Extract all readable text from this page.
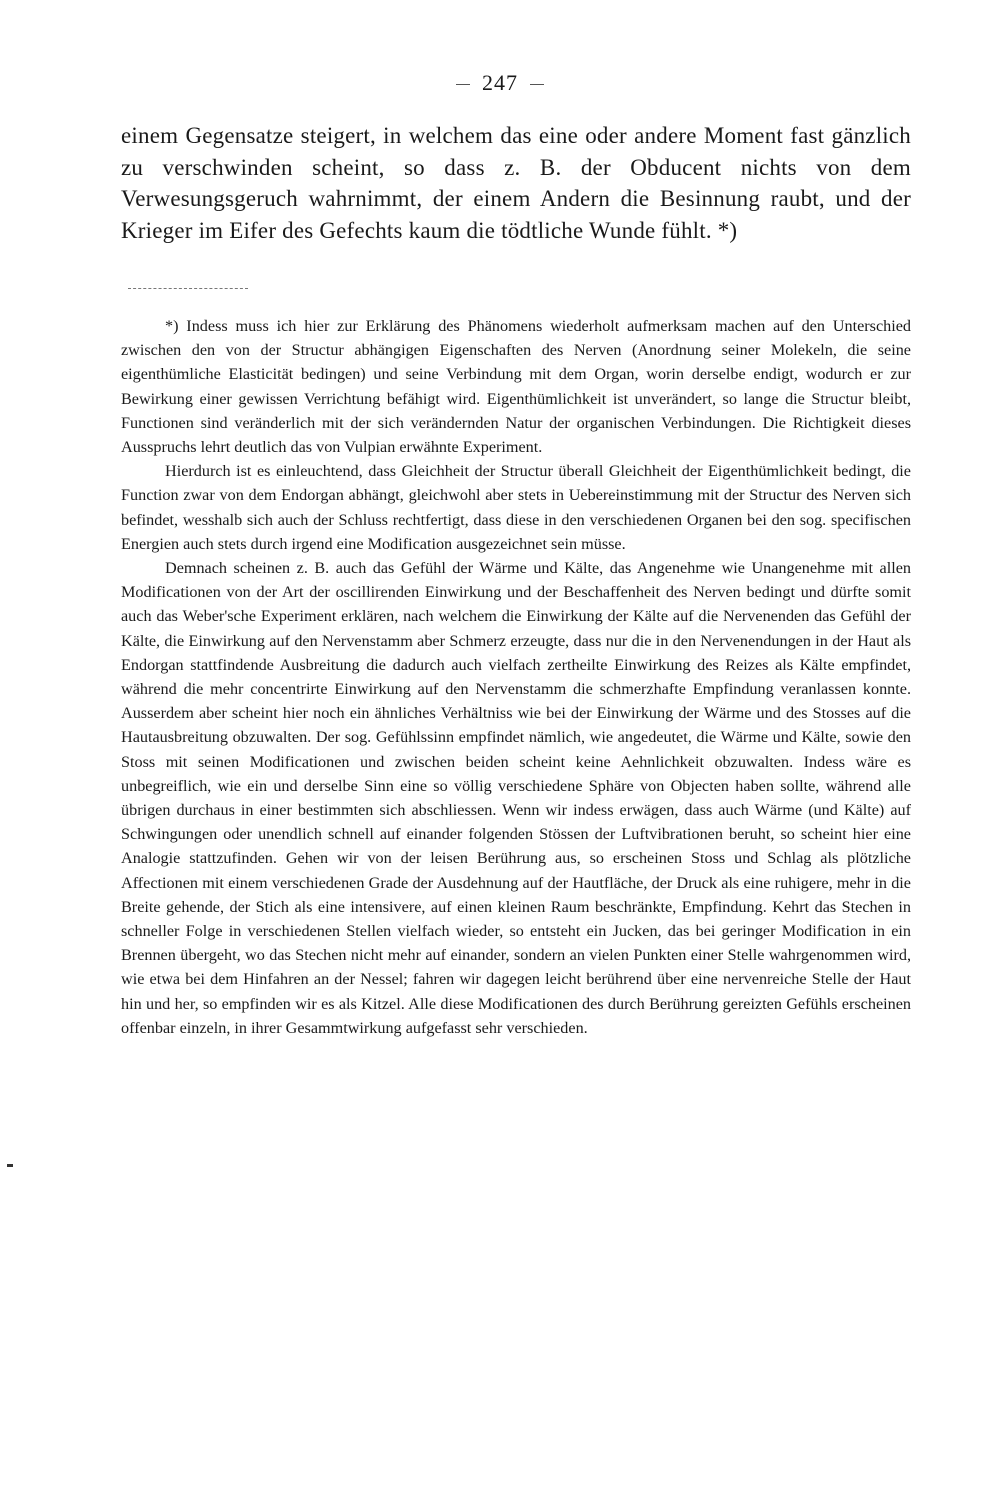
247
einem Gegensatze steigert, in welchem das eine oder andere Moment fast gänzlich zu verschwinden scheint, so dass z. B. der Obducent nichts von dem Verwesungsgeruch wahrnimmt, der einem Andern die Besinnung raubt, und der Krieger im Eifer des Gefechts kaum die tödtliche Wunde fühlt. *)

*) Indess muss ich hier zur Erklärung des Phänomens wiederholt aufmerksam machen auf den Unterschied zwischen den von der Structur abhängigen Eigenschaften des Nerven (Anordnung seiner Molekeln, die seine eigenthümliche Elasticität bedingen) und seine Verbindung mit dem Organ, worin derselbe endigt, wodurch er zur Bewirkung einer gewissen Verrichtung befähigt wird. Eigenthümlichkeit ist unverändert, so lange die Structur bleibt, Functionen sind veränderlich mit der sich verändernden Natur der organischen Verbindungen. Die Richtigkeit dieses Ausspruchs lehrt deutlich das von Vulpian erwähnte Experiment.

Hierdurch ist es einleuchtend, dass Gleichheit der Structur überall Gleichheit der Eigenthümlichkeit bedingt, die Function zwar von dem Endorgan abhängt, gleichwohl aber stets in Uebereinstimmung mit der Structur des Nerven sich befindet, wesshalb sich auch der Schluss rechtfertigt, dass diese in den verschiedenen Organen bei den sog. specifischen Energien auch stets durch irgend eine Modification ausgezeichnet sein müsse.

Demnach scheinen z. B. auch das Gefühl der Wärme und Kälte, das Angenehme wie Unangenehme mit allen Modificationen von der Art der oscillirenden Einwirkung und der Beschaffenheit des Nerven bedingt und dürfte somit auch das Weber'sche Experiment erklären, nach welchem die Einwirkung der Kälte auf die Nervenenden das Gefühl der Kälte, die Einwirkung auf den Nervenstamm aber Schmerz erzeugte, dass nur die in den Nervenendungen in der Haut als Endorgan stattfindende Ausbreitung die dadurch auch vielfach zertheilte Einwirkung des Reizes als Kälte empfindet, während die mehr concentrirte Einwirkung auf den Nervenstamm die schmerzhafte Empfindung veranlassen konnte. Ausserdem aber scheint hier noch ein ähnliches Verhältniss wie bei der Einwirkung der Wärme und des Stosses auf die Hautausbreitung obzuwalten. Der sog. Gefühlssinn empfindet nämlich, wie angedeutet, die Wärme und Kälte, sowie den Stoss mit seinen Modificationen und zwischen beiden scheint keine Aehnlichkeit obzuwalten. Indess wäre es unbegreiflich, wie ein und derselbe Sinn eine so völlig verschiedene Sphäre von Objecten haben sollte, während alle übrigen durchaus in einer bestimmten sich abschliessen. Wenn wir indess erwägen, dass auch Wärme (und Kälte) auf Schwingungen oder unendlich schnell auf einander folgenden Stössen der Luftvibrationen beruht, so scheint hier eine Analogie stattzufinden. Gehen wir von der leisen Berührung aus, so erscheinen Stoss und Schlag als plötzliche Affectionen mit einem verschiedenen Grade der Ausdehnung auf der Hautfläche, der Druck als eine ruhigere, mehr in die Breite gehende, der Stich als eine intensivere, auf einen kleinen Raum beschränkte, Empfindung. Kehrt das Stechen in schneller Folge in verschiedenen Stellen vielfach wieder, so entsteht ein Jucken, das bei geringer Modification in ein Brennen übergeht, wo das Stechen nicht mehr auf einander, sondern an vielen Punkten einer Stelle wahrgenommen wird, wie etwa bei dem Hinfahren an der Nessel; fahren wir dagegen leicht berührend über eine nervenreiche Stelle der Haut hin und her, so empfinden wir es als Kitzel. Alle diese Modificationen des durch Berührung gereizten Gefühls erscheinen offenbar einzeln, in ihrer Gesammtwirkung aufgefasst sehr verschieden.
